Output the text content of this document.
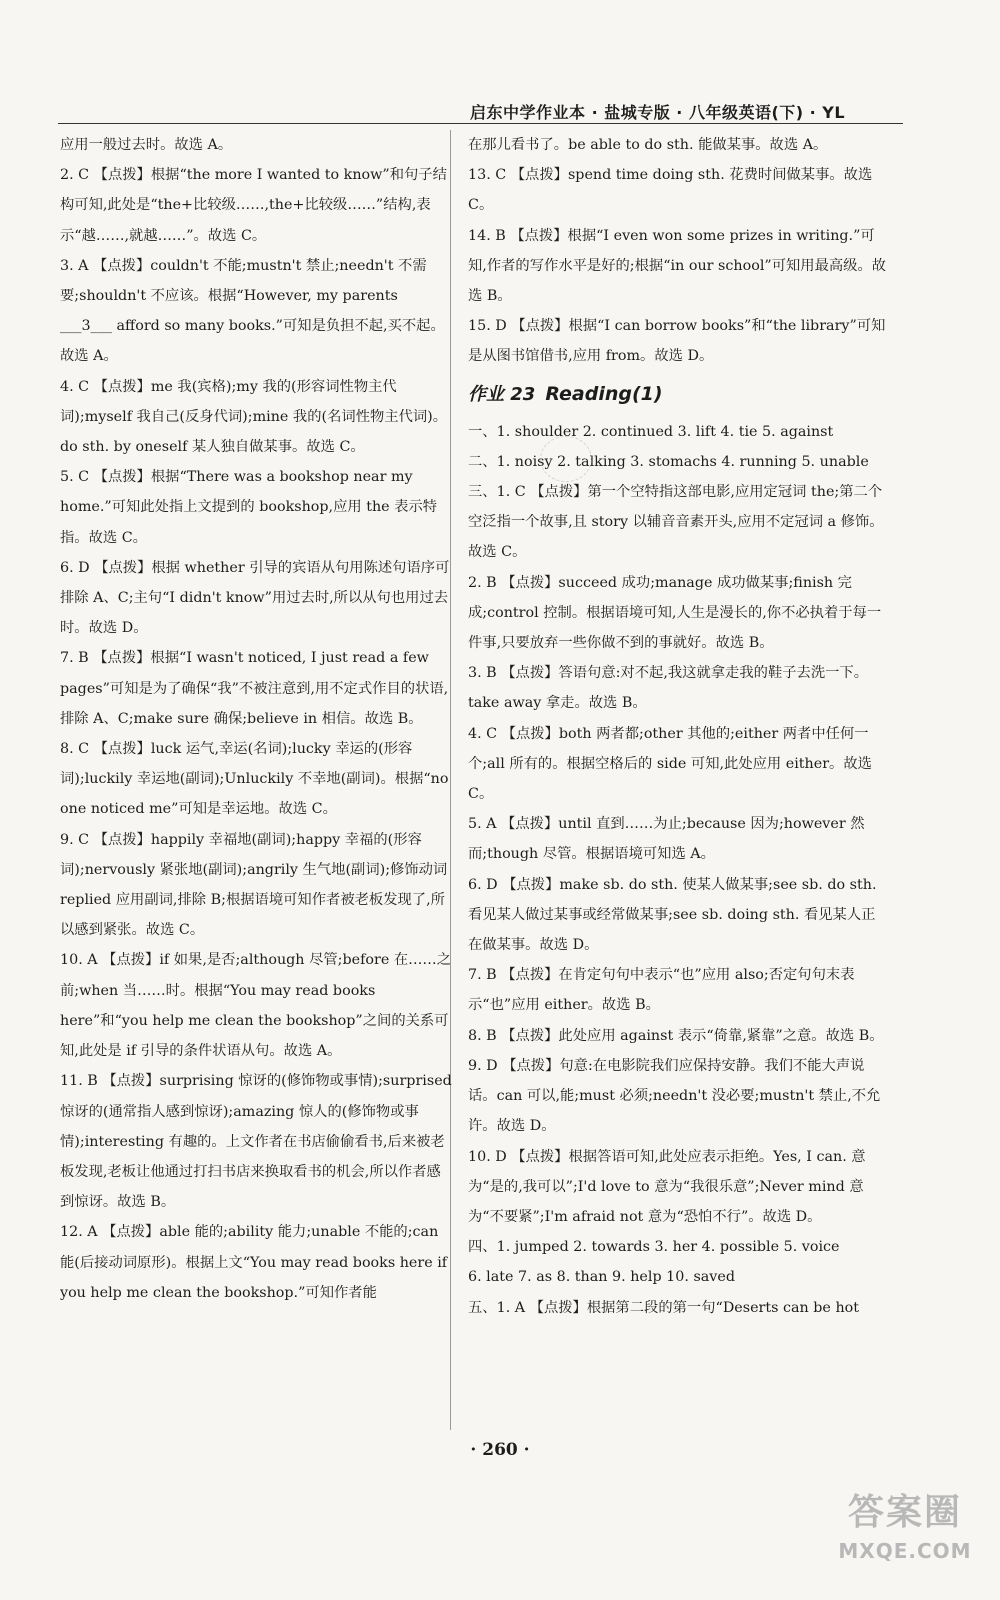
启东中学作业本 · 盐城专版 · 八年级英语(下) · YL
应用一般过去时。故选 A。
2. C 【点拨】根据“the more I wanted to know”和句子结构可知,此处是“the+比较级……,the+比较级……”结构,表示“越……,就越……”。故选 C。
3. A 【点拨】couldn't 不能;mustn't 禁止;needn't 不需要;shouldn't 不应该。根据“However, my parents ___3___ afford so many books.”可知是负担不起,买不起。故选 A。
4. C 【点拨】me 我(宾格);my 我的(形容词性物主代词);myself 我自己(反身代词);mine 我的(名词性物主代词)。do sth. by oneself 某人独自做某事。故选 C。
5. C 【点拨】根据“There was a bookshop near my home.”可知此处指上文提到的 bookshop,应用 the 表示特指。故选 C。
6. D 【点拨】根据 whether 引导的宾语从句用陈述句语序可排除 A、C;主句“I didn't know”用过去时,所以从句也用过去时。故选 D。
7. B 【点拨】根据“I wasn't noticed, I just read a few pages”可知是为了确保“我”不被注意到,用不定式作目的状语,排除 A、C;make sure 确保;believe in 相信。故选 B。
8. C 【点拨】luck 运气,幸运(名词);lucky 幸运的(形容词);luckily 幸运地(副词);Unluckily 不幸地(副词)。根据“no one noticed me”可知是幸运地。故选 C。
9. C 【点拨】happily 幸福地(副词);happy 幸福的(形容词);nervously 紧张地(副词);angrily 生气地(副词);修饰动词 replied 应用副词,排除 B;根据语境可知作者被老板发现了,所以感到紧张。故选 C。
10. A 【点拨】if 如果,是否;although 尽管;before 在……之前;when 当……时。根据“You may read books here”和“you help me clean the bookshop”之间的关系可知,此处是 if 引导的条件状语从句。故选 A。
11. B 【点拨】surprising 惊讶的(修饰物或事情);surprised 惊讶的(通常指人感到惊讶);amazing 惊人的(修饰物或事情);interesting 有趣的。上文作者在书店偷偷看书,后来被老板发现,老板让他通过打扫书店来换取看书的机会,所以作者感到惊讶。故选 B。
12. A 【点拨】able 能的;ability 能力;unable 不能的;can 能(后接动词原形)。根据上文“You may read books here if you help me clean the bookshop.”可知作者能
在那儿看书了。be able to do sth. 能做某事。故选 A。
13. C 【点拨】spend time doing sth. 花费时间做某事。故选 C。
14. B 【点拨】根据“I even won some prizes in writing.”可知,作者的写作水平是好的;根据“in our school”可知用最高级。故选 B。
15. D 【点拨】根据“I can borrow books”和“the library”可知是从图书馆借书,应用 from。故选 D。
作业 23 Reading(1)
一、1. shoulder 2. continued 3. lift 4. tie 5. against
二、1. noisy 2. talking 3. stomachs 4. running 5. unable
三、1. C 【点拨】第一个空特指这部电影,应用定冠词 the;第二个空泛指一个故事,且 story 以辅音音素开头,应用不定冠词 a 修饰。故选 C。
2. B 【点拨】succeed 成功;manage 成功做某事;finish 完成;control 控制。根据语境可知,人生是漫长的,你不必执着于每一件事,只要放弃一些你做不到的事就好。故选 B。
3. B 【点拨】答语句意:对不起,我这就拿走我的鞋子去洗一下。take away 拿走。故选 B。
4. C 【点拨】both 两者都;other 其他的;either 两者中任何一个;all 所有的。根据空格后的 side 可知,此处应用 either。故选 C。
5. A 【点拨】until 直到……为止;because 因为;however 然而;though 尽管。根据语境可知选 A。
6. D 【点拨】make sb. do sth. 使某人做某事;see sb. do sth. 看见某人做过某事或经常做某事;see sb. doing sth. 看见某人正在做某事。故选 D。
7. B 【点拨】在肯定句句中表示“也”应用 also;否定句句末表示“也”应用 either。故选 B。
8. B 【点拨】此处应用 against 表示“倚靠,紧靠”之意。故选 B。
9. D 【点拨】句意:在电影院我们应保持安静。我们不能大声说话。can 可以,能;must 必须;needn't 没必要;mustn't 禁止,不允许。故选 D。
10. D 【点拨】根据答语可知,此处应表示拒绝。Yes, I can. 意为“是的,我可以”;I'd love to 意为“我很乐意”;Never mind 意为“不要紧”;I'm afraid not 意为“恐怕不行”。故选 D。
四、1. jumped 2. towards 3. her 4. possible 5. voice
6. late 7. as 8. than 9. help 10. saved
五、1. A 【点拨】根据第二段的第一句“Deserts can be hot
· 260 ·
答案圈
MXQE.COM
